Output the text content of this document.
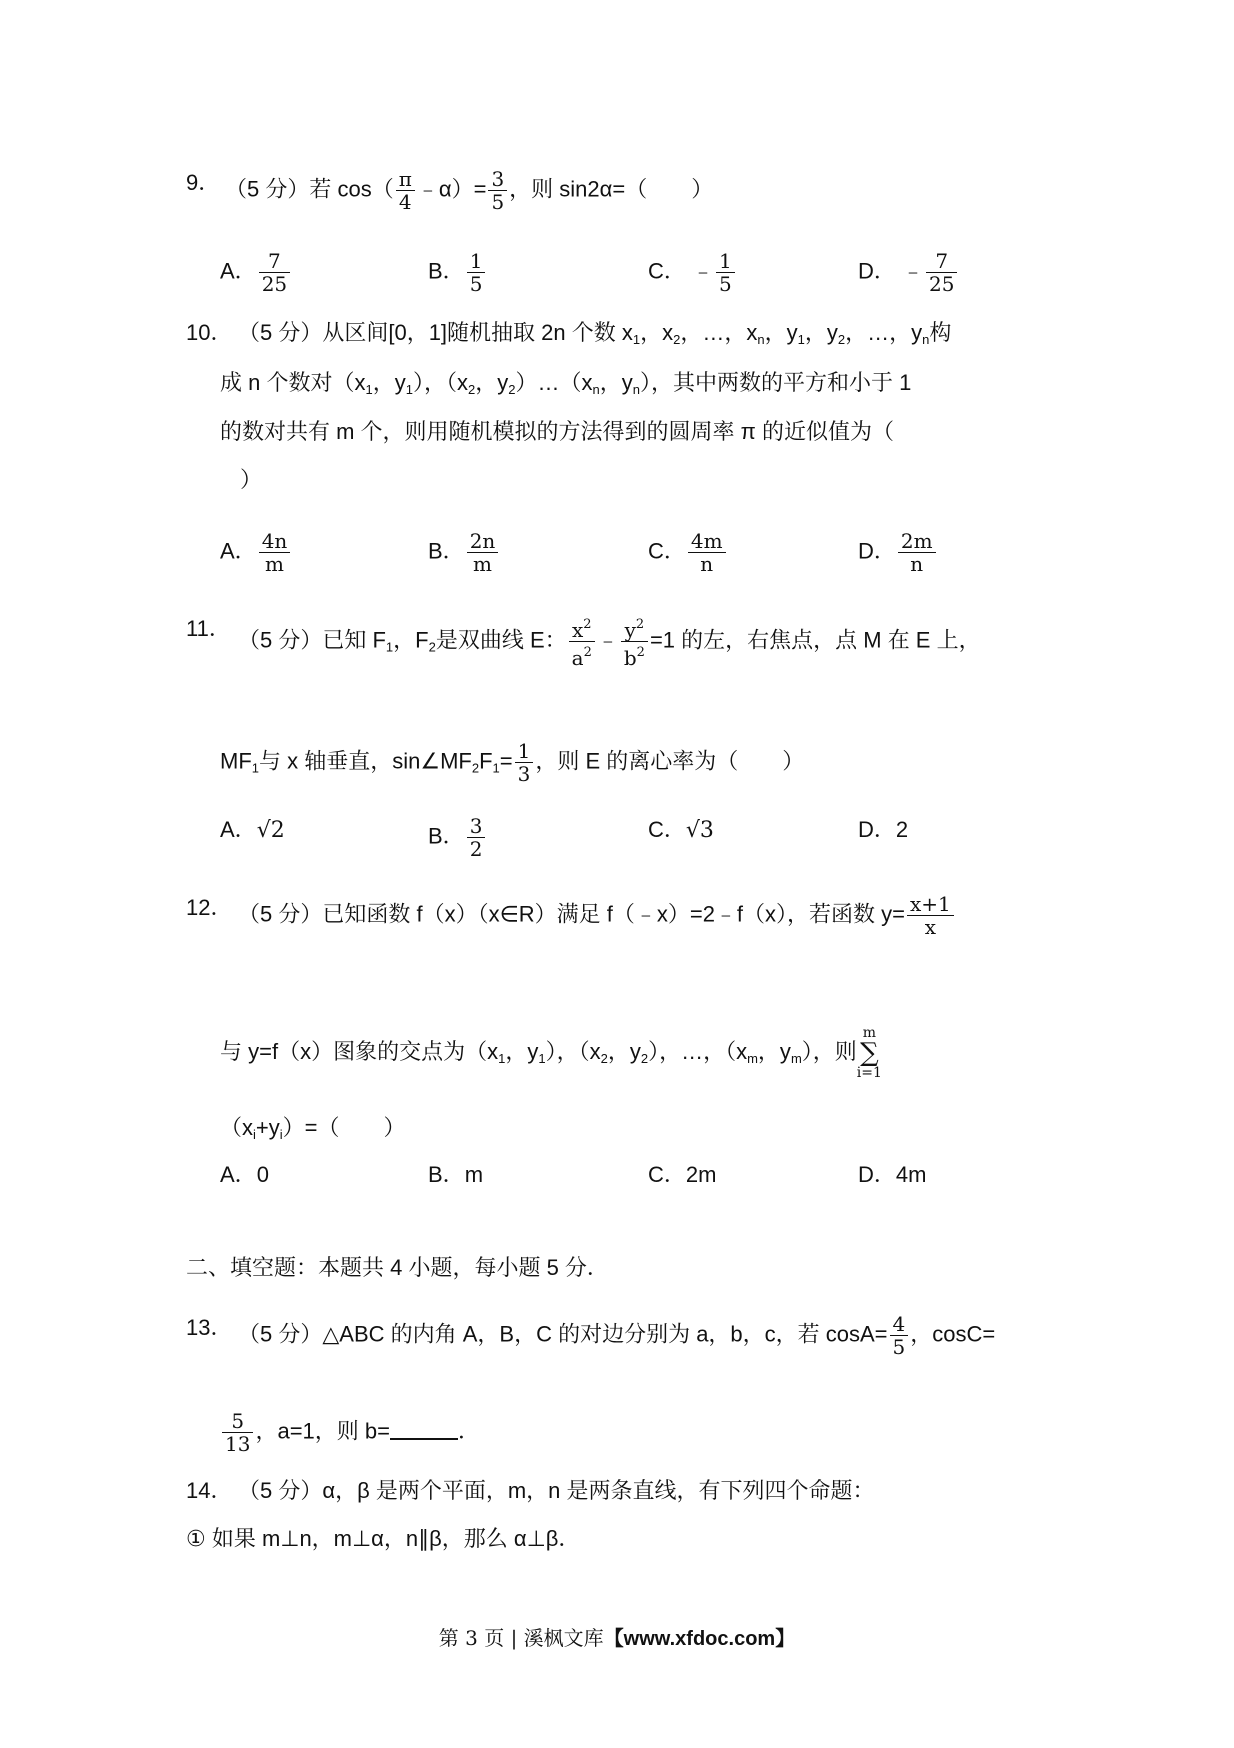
9． （5 分）若 $\cos( \frac{\pi}{4}$ ﹣α）= $\frac{3}{5}$ ，则 sin2α=（　　）
A． $\frac{7}{25}$	B． $\frac{1}{5}$	C． ﹣ $\frac{1}{5}$	D． ﹣ $\frac{7}{25}$
10． （5 分）从区间[0，1]随机抽取 2n 个数 $x_1$，$x_2$，…，$x_n$，$y_1$，$y_2$，…，$y_n$构
成 n 个数对（$x_1$，$y_1$），（$x_2$，$y_2)\dots(x_n$，$y_n$），其中两数的平方和小于 1
的数对共有 m 个，则用随机模拟的方法得到的圆周率 π 的近似值为（
）
A． $\frac{4n}{m}$	B． $\frac{2n}{m}$	C． $\frac{4m}{n}$	D． $\frac{2m}{n}$
11． （5 分）已知 $F_1$，$F_2$是双曲线 E： $\frac{x^2}{a^2}$ ﹣ $\frac{y^2}{b^2} =1$ 的左，右焦点，点 M 在 E 上，
$MF_1$与 x 轴垂直，$\sin\angle MF_2F_1= \frac{1}{3}$ ，则 E 的离心率为（　　）
A．√2	B． $\frac{3}{2}$	C．√3	D．2
12． （5 分）已知函数 f（x）（x∈R）满足 f（﹣x）=2﹣f（x），若函数 $y= \frac{x+1}{x}$
与 y=f（x）图象的交点为（$x_1$，$y_1$），（$x_2$，$y_2$），…，（$x_m$，$y_m$），则m
∑
i=1
$(x_i+y_i)=$（　　）
A．0	B．m	C．2m	D．4m
二、填空题：本题共 4 小题，每小题 5 分．
13． （5 分）△ABC 的内角 A，B，C 的对边分别为 a，b，c，若 $\cos A= \frac{4}{5}$ ，cosC=
$\frac{5}{13}$ ，a=1，则 b=	．
14． （5 分）α，β 是两个平面，m，n 是两条直线，有下列四个命题：
① 如果 m⊥n，m⊥α，n∥β，那么 α⊥β．
第 3 页 | 溪枫文库【www.xfdoc.com】
